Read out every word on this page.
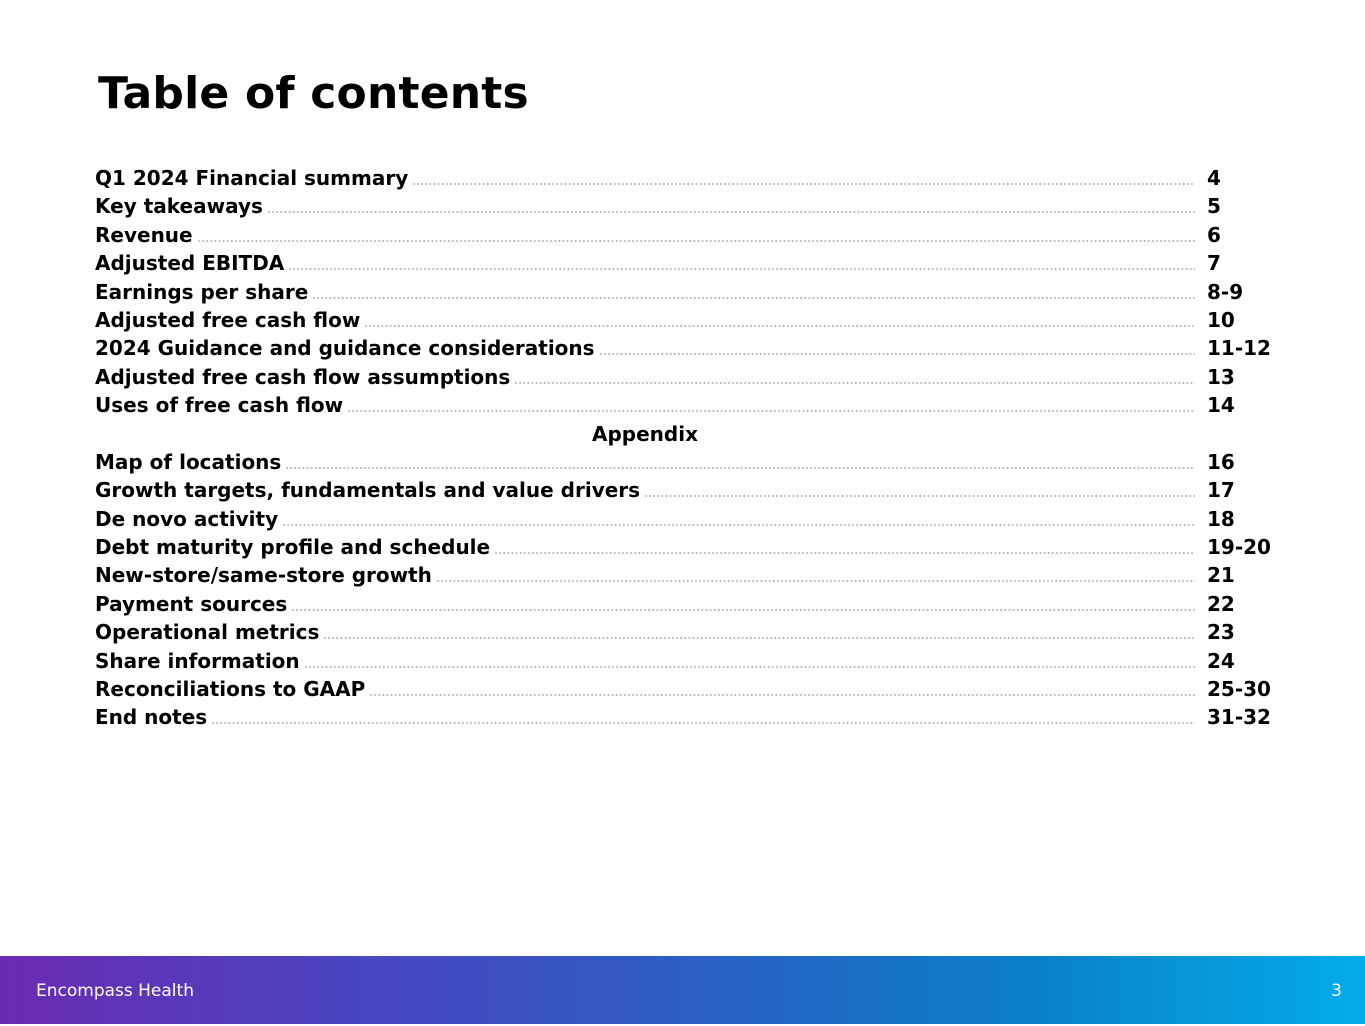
Table of contents
Q1 2024 Financial summary	4
Key takeaways	5
Revenue	6
Adjusted EBITDA	7
Earnings per share	8-9
Adjusted free cash flow	10
2024 Guidance and guidance considerations	11-12
Adjusted free cash flow assumptions	13
Uses of free cash flow	14
Appendix
Map of locations	16
Growth targets, fundamentals and value drivers	17
De novo activity	18
Debt maturity profile and schedule	19-20
New-store/same-store growth	21
Payment sources	22
Operational metrics	23
Share information	24
Reconciliations to GAAP	25-30
End notes	31-32
Encompass Health	3
